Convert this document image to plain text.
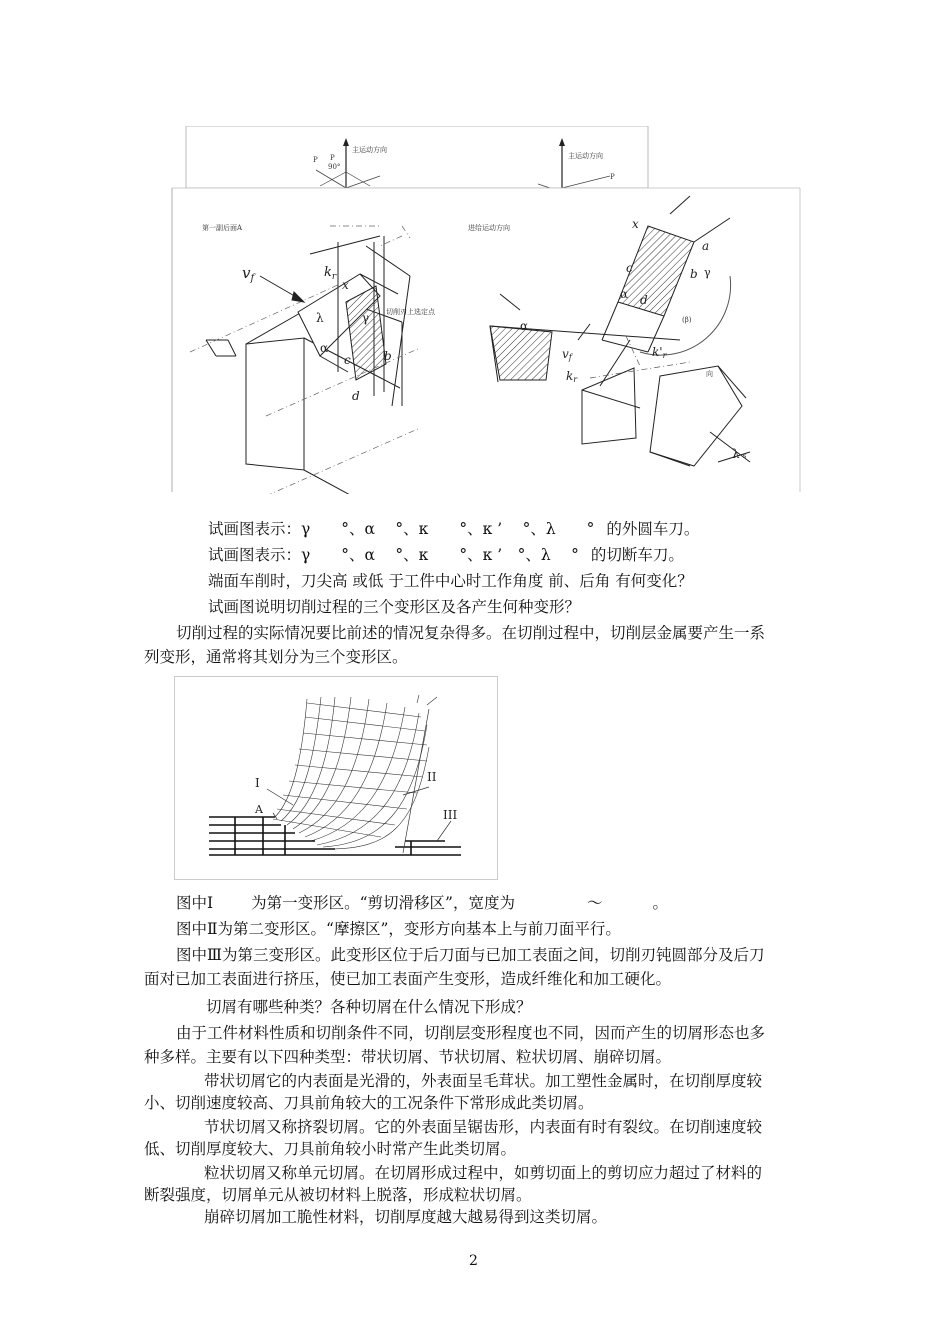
主运动方向
90°
P P	主运动方向
P
第一副后面A	进给运动方向
$v_f$	$k_r$
x
λ
α
γ
c	b
d
切削刃上选定点
x
a
b γ
α
c
d
(β)
α
vf
kr
k'r
向
λs
试画图表示：γ　　°、α　 °、κ　　°、κ ’　 °、λ　　° 的外圆车刀。
试画图表示：γ　　°、α　 °、κ　　°、κ ’　°、λ　 ° 的切断车刀。
端面车削时，刀尖高 或低 于工件中心时工作角度 前、后角 有何变化？
试画图说明切削过程的三个变形区及各产生何种变形？
切削过程的实际情况要比前述的情况复杂得多。在切削过程中，切削层金属要产生一系
列变形，通常将其划分为三个变形区。
I	II
III
A
图中Ⅰ 为第一变形区。“剪切滑移区”，宽度为	～	。
图中Ⅱ为第二变形区。“摩擦区”，变形方向基本上与前刀面平行。
图中Ⅲ为第三变形区。此变形区位于后刀面与已加工表面之间，切削刃钝圆部分及后刀
面对已加工表面进行挤压，使已加工表面产生变形，造成纤维化和加工硬化。
切屑有哪些种类？各种切屑在什么情况下形成？
由于工件材料性质和切削条件不同，切削层变形程度也不同，因而产生的切屑形态也多
种多样。主要有以下四种类型：带状切屑、节状切屑、粒状切屑、崩碎切屑。
带状切屑它的内表面是光滑的，外表面呈毛茸状。加工塑性金属时，在切削厚度较
小、切削速度较高、刀具前角较大的工况条件下常形成此类切屑。
节状切屑又称挤裂切屑。它的外表面呈锯齿形，内表面有时有裂纹。在切削速度较
低、切削厚度较大、刀具前角较小时常产生此类切屑。
粒状切屑又称单元切屑。在切屑形成过程中，如剪切面上的剪切应力超过了材料的
断裂强度，切屑单元从被切材料上脱落，形成粒状切屑。
崩碎切屑加工脆性材料，切削厚度越大越易得到这类切屑。
2
